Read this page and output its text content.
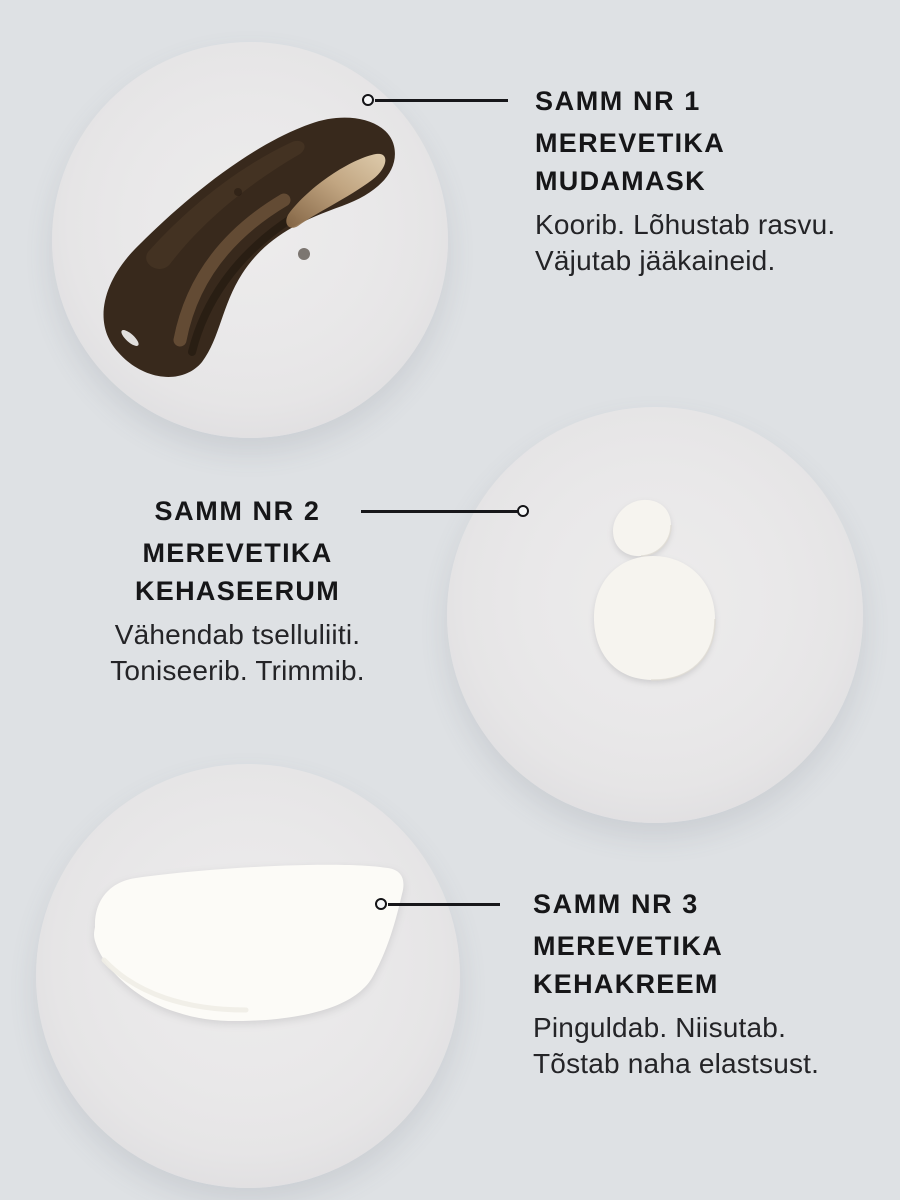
SAMM NR 1
MEREVETIKA
MUDAMASK
Koorib. Lõhustab rasvu.
Väjutab jääkaineid.
SAMM NR 2
MEREVETIKA
KEHASEERUM
Vähendab tselluliiti.
Toniseerib. Trimmib.
SAMM NR 3
MEREVETIKA
KEHAKREEM
Pinguldab. Niisutab.
Tõstab naha elastsust.
